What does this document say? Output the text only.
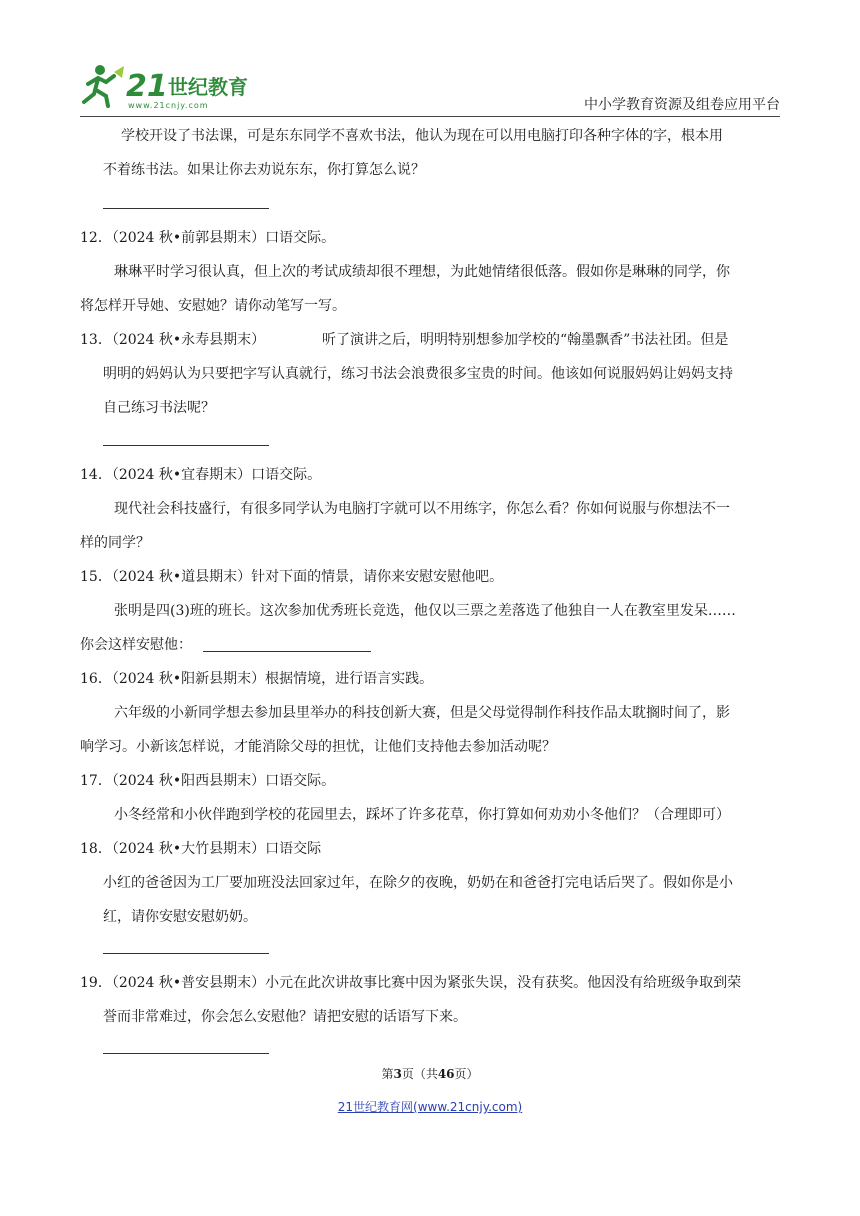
21 世纪教育
www.21cnjy.com	中小学教育资源及组卷应用平台
学校开设了书法课，可是东东同学不喜欢书法，他认为现在可以用电脑打印各种字体的字，根本用
不着练书法。如果让你去劝说东东，你打算怎么说？
12．（2024 秋•前郭县期末）口语交际。
琳琳平时学习很认真，但上次的考试成绩却很不理想，为此她情绪很低落。假如你是琳琳的同学，你
将怎样开导她、安慰她？请你动笔写一写。
13．（2024 秋•永寿县期末）	听了演讲之后，明明特别想参加学校的“翰墨飘香”书法社团。但是
明明的妈妈认为只要把字写认真就行，练习书法会浪费很多宝贵的时间。他该如何说服妈妈让妈妈支持
自己练习书法呢？
14．（2024 秋•宜春期末）口语交际。
现代社会科技盛行，有很多同学认为电脑打字就可以不用练字，你怎么看？你如何说服与你想法不一
样的同学？
15．（2024 秋•道县期末）针对下面的情景，请你来安慰安慰他吧。
张明是四(3)班的班长。这次参加优秀班长竞选，他仅以三票之差落选了他独自一人在教室里发呆……
你会这样安慰他：
16．（2024 秋•阳新县期末）根据情境，进行语言实践。
六年级的小新同学想去参加县里举办的科技创新大赛，但是父母觉得制作科技作品太耽搁时间了，影
响学习。小新该怎样说，才能消除父母的担忧，让他们支持他去参加活动呢？
17．（2024 秋•阳西县期末）口语交际。
小冬经常和小伙伴跑到学校的花园里去，踩坏了许多花草，你打算如何劝劝小冬他们？（合理即可）
18．（2024 秋•大竹县期末）口语交际
小红的爸爸因为工厂要加班没法回家过年，在除夕的夜晚，奶奶在和爸爸打完电话后哭了。假如你是小
红，请你安慰安慰奶奶。
19．（2024 秋•普安县期末）小元在此次讲故事比赛中因为紧张失误，没有获奖。他因没有给班级争取到荣
誉而非常难过，你会怎么安慰他？请把安慰的话语写下来。
第3页（共46页）
21世纪教育网(www.21cnjy.com)
